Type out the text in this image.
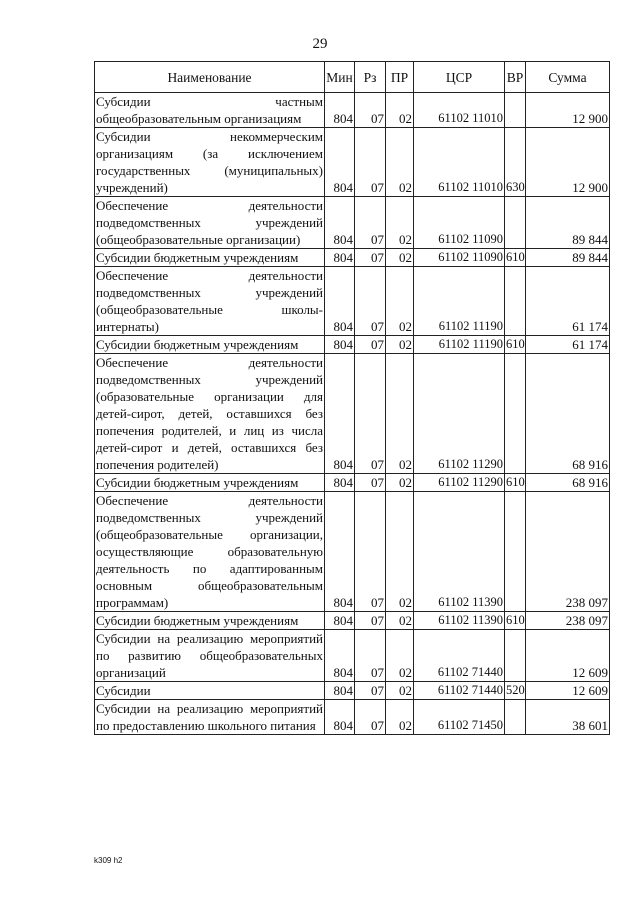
29
Наименование	Мин	Рз	ПР	ЦСР	ВР	Сумма
Субсидии частным общеобразовательным организациям	804	07	02	61102 11010		12 900
Субсидии некоммерческим организациям (за исключением государственных (муниципальных) учреждений)	804	07	02	61102 11010	630	12 900
Обеспечение деятельности подведомственных учреждений (общеобразовательные организации)	804	07	02	61102 11090		89 844
Субсидии бюджетным учреждениям	804	07	02	61102 11090	610	89 844
Обеспечение деятельности подведомственных учреждений (общеобразовательные школы-интернаты)	804	07	02	61102 11190		61 174
Субсидии бюджетным учреждениям	804	07	02	61102 11190	610	61 174
Обеспечение деятельности подведомственных учреждений (образовательные организации для детей-сирот, детей, оставшихся без попечения родителей, и лиц из числа детей-сирот и детей, оставшихся без попечения родителей)	804	07	02	61102 11290		68 916
Субсидии бюджетным учреждениям	804	07	02	61102 11290	610	68 916
Обеспечение деятельности подведомственных учреждений (общеобразовательные организации, осуществляющие образовательную деятельность по адаптированным основным общеобразовательным программам)	804	07	02	61102 11390		238 097
Субсидии бюджетным учреждениям	804	07	02	61102 11390	610	238 097
Субсидии на реализацию мероприятий по развитию общеобразовательных организаций	804	07	02	61102 71440		12 609
Субсидии	804	07	02	61102 71440	520	12 609
Субсидии на реализацию мероприятий по предоставлению школьного питания	804	07	02	61102 71450		38 601
k309 h2
